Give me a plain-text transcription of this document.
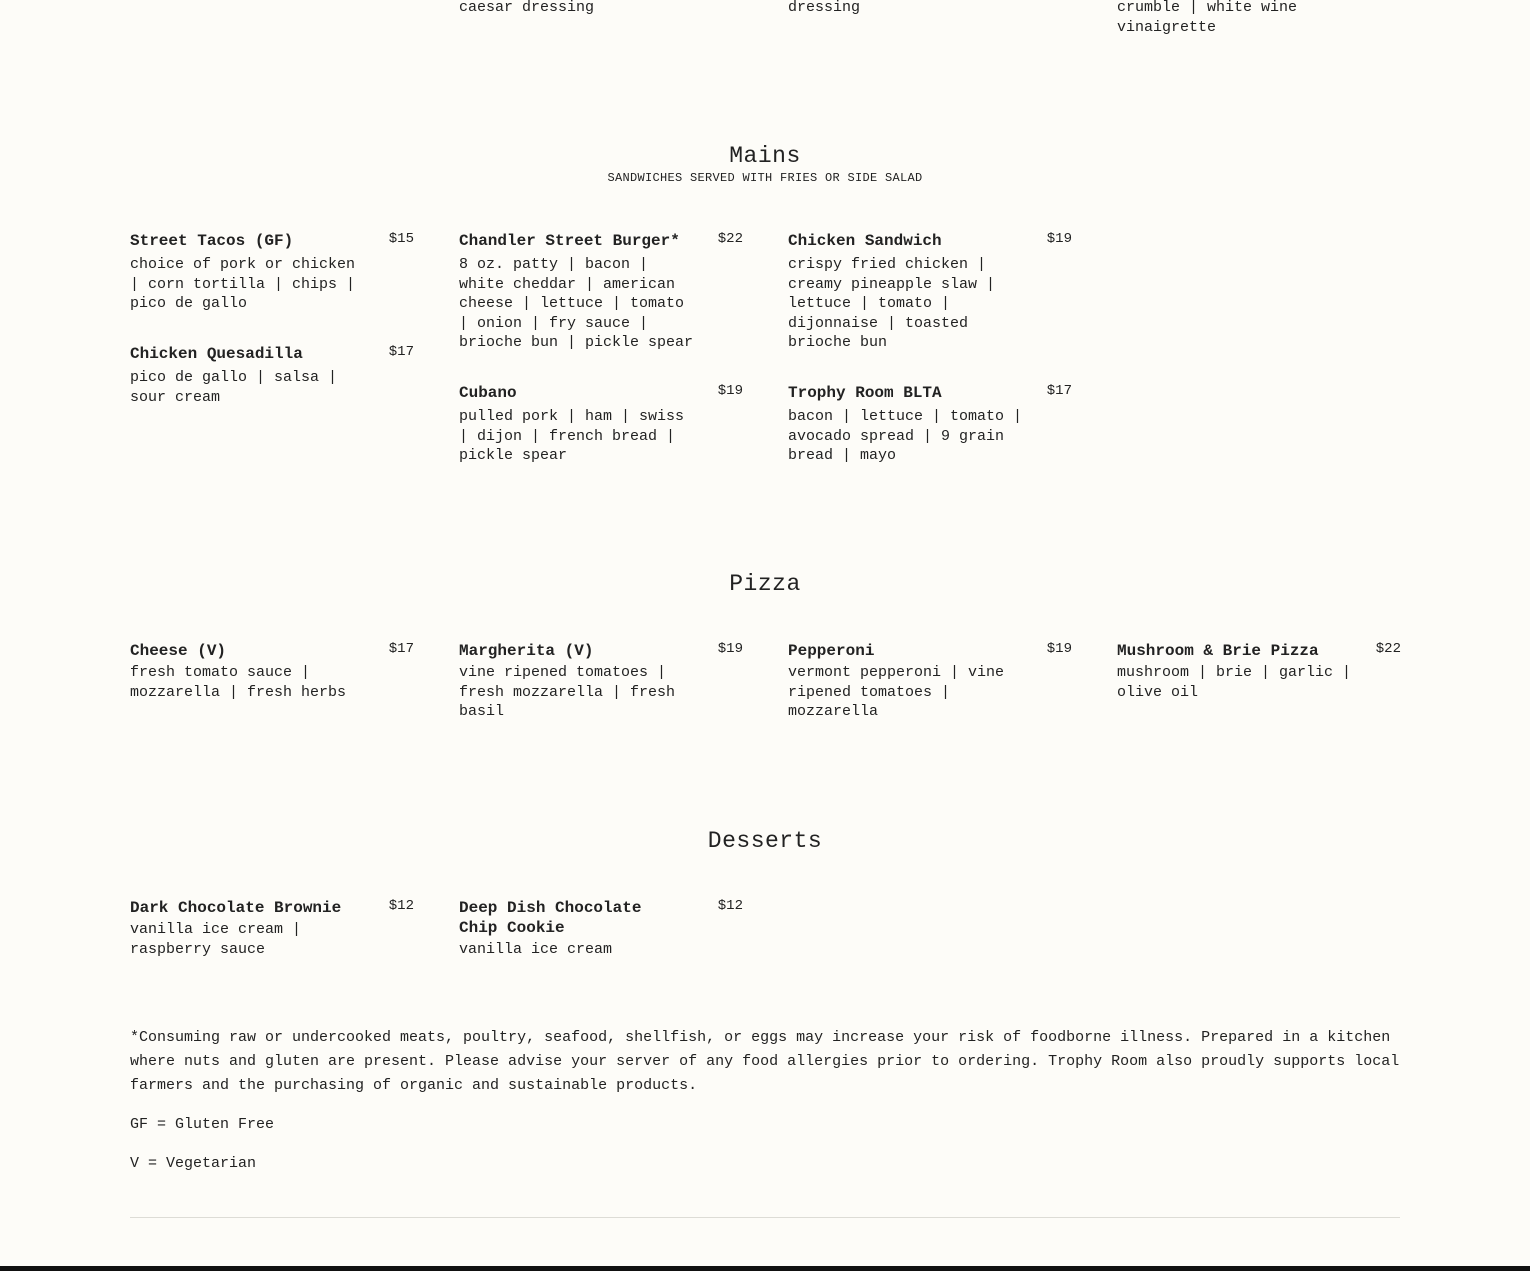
caesar dressing	dressing	crumble | white wine
vinaigrette
Mains
SANDWICHES SERVED WITH FRIES OR SIDE SALAD
Street Tacos (GF)	$15
choice of pork or chicken | corn tortilla | chips | pico de gallo
Chicken Quesadilla	$17
pico de gallo | salsa | sour cream
Chandler Street Burger*	$22
8 oz. patty | bacon | white cheddar | american cheese | lettuce | tomato | onion | fry sauce | brioche bun | pickle spear
Cubano	$19
pulled pork | ham | swiss | dijon | french bread | pickle spear
Chicken Sandwich	$19
crispy fried chicken | creamy pineapple slaw | lettuce | tomato | dijonnaise | toasted brioche bun
Trophy Room BLTA	$17
bacon | lettuce | tomato | avocado spread | 9 grain bread | mayo
Pizza
Cheese (V)	$17
fresh tomato sauce | mozzarella | fresh herbs
Margherita (V)	$19
vine ripened tomatoes | fresh mozzarella | fresh basil
Pepperoni	$19
vermont pepperoni | vine ripened tomatoes | mozzarella
Mushroom & Brie Pizza	$22
mushroom | brie | garlic | olive oil
Desserts
Dark Chocolate Brownie	$12
vanilla ice cream | raspberry sauce
Deep Dish Chocolate Chip Cookie
$12
vanilla ice cream

*Consuming raw or undercooked meats, poultry, seafood, shellfish, or eggs may increase your risk of foodborne illness. Prepared in a kitchen where nuts and gluten are present. Please advise your server of any food allergies prior to ordering. Trophy Room also proudly supports local farmers and the purchasing of organic and sustainable products.

GF = Gluten Free

V = Vegetarian
